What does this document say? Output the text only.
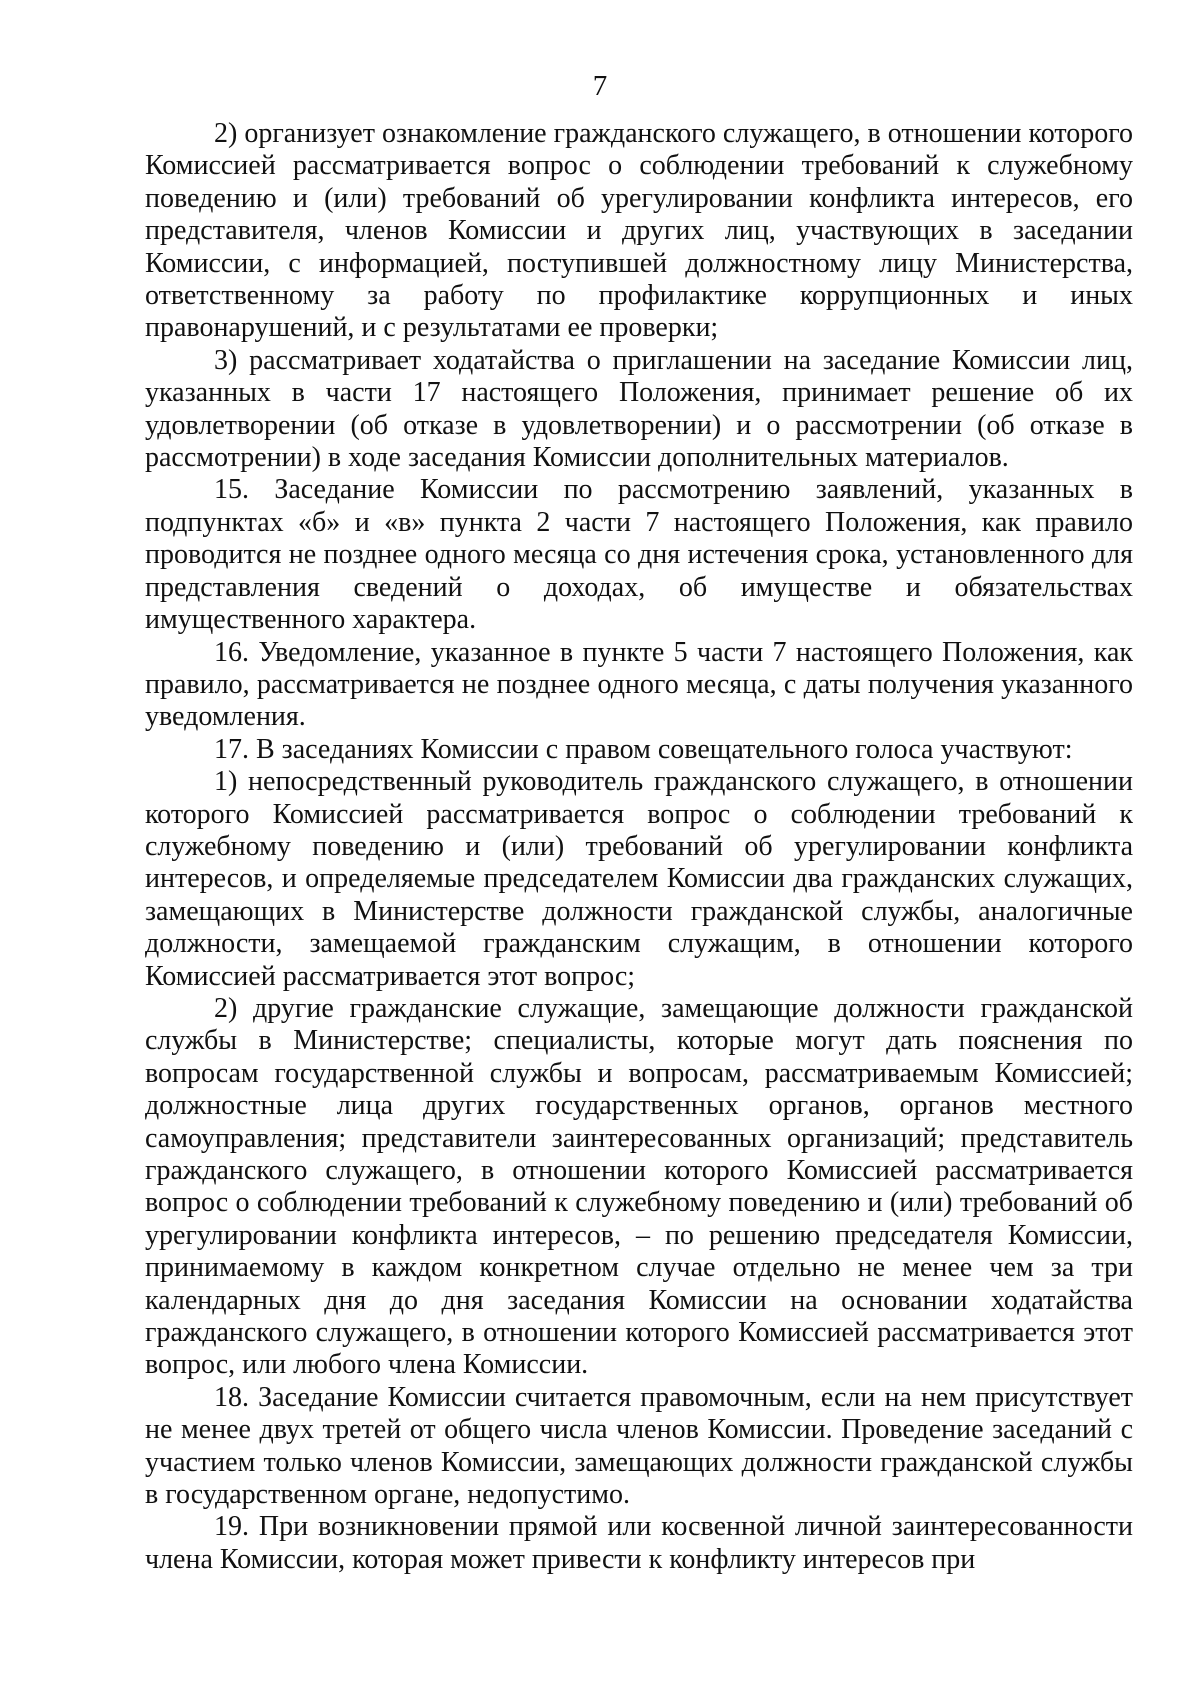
7

2) организует ознакомление гражданского служащего, в отношении которого Комиссией рассматривается вопрос о соблюдении требований к служебному поведению и (или) требований об урегулировании конфликта интересов, его представителя, членов Комиссии и других лиц, участвующих в заседании Комиссии, с информацией, поступившей должностному лицу Министерства, ответственному за работу по профилактике коррупционных и иных правонарушений, и с результатами ее проверки;

3) рассматривает ходатайства о приглашении на заседание Комиссии лиц, указанных в части 17 настоящего Положения, принимает решение об их удовлетворении (об отказе в удовлетворении) и о рассмотрении (об отказе в рассмотрении) в ходе заседания Комиссии дополнительных материалов.

15. Заседание Комиссии по рассмотрению заявлений, указанных в подпунктах «б» и «в» пункта 2 части 7 настоящего Положения, как правило проводится не позднее одного месяца со дня истечения срока, установленного для представления сведений о доходах, об имуществе и обязательствах имущественного характера.

16. Уведомление, указанное в пункте 5 части 7 настоящего Положения, как правило, рассматривается не позднее одного месяца, с даты получения указанного уведомления.

17. В заседаниях Комиссии с правом совещательного голоса участвуют:

1) непосредственный руководитель гражданского служащего, в отношении которого Комиссией рассматривается вопрос о соблюдении требований к служебному поведению и (или) требований об урегулировании конфликта интересов, и определяемые председателем Комиссии два гражданских служащих, замещающих в Министерстве должности гражданской службы, аналогичные должности, замещаемой гражданским служащим, в отношении которого Комиссией рассматривается этот вопрос;

2) другие гражданские служащие, замещающие должности гражданской службы в Министерстве; специалисты, которые могут дать пояснения по вопросам государственной службы и вопросам, рассматриваемым Комиссией; должностные лица других государственных органов, органов местного самоуправления; представители заинтересованных организаций; представитель гражданского служащего, в отношении которого Комиссией рассматривается вопрос о соблюдении требований к служебному поведению и (или) требований об урегулировании конфликта интересов, – по решению председателя Комиссии, принимаемому в каждом конкретном случае отдельно не менее чем за три календарных дня до дня заседания Комиссии на основании ходатайства гражданского служащего, в отношении которого Комиссией рассматривается этот вопрос, или любого члена Комиссии.

18. Заседание Комиссии считается правомочным, если на нем присутствует не менее двух третей от общего числа членов Комиссии. Проведение заседаний с участием только членов Комиссии, замещающих должности гражданской службы в государственном органе, недопустимо.

19. При возникновении прямой или косвенной личной заинтересованности члена Комиссии, которая может привести к конфликту интересов при
